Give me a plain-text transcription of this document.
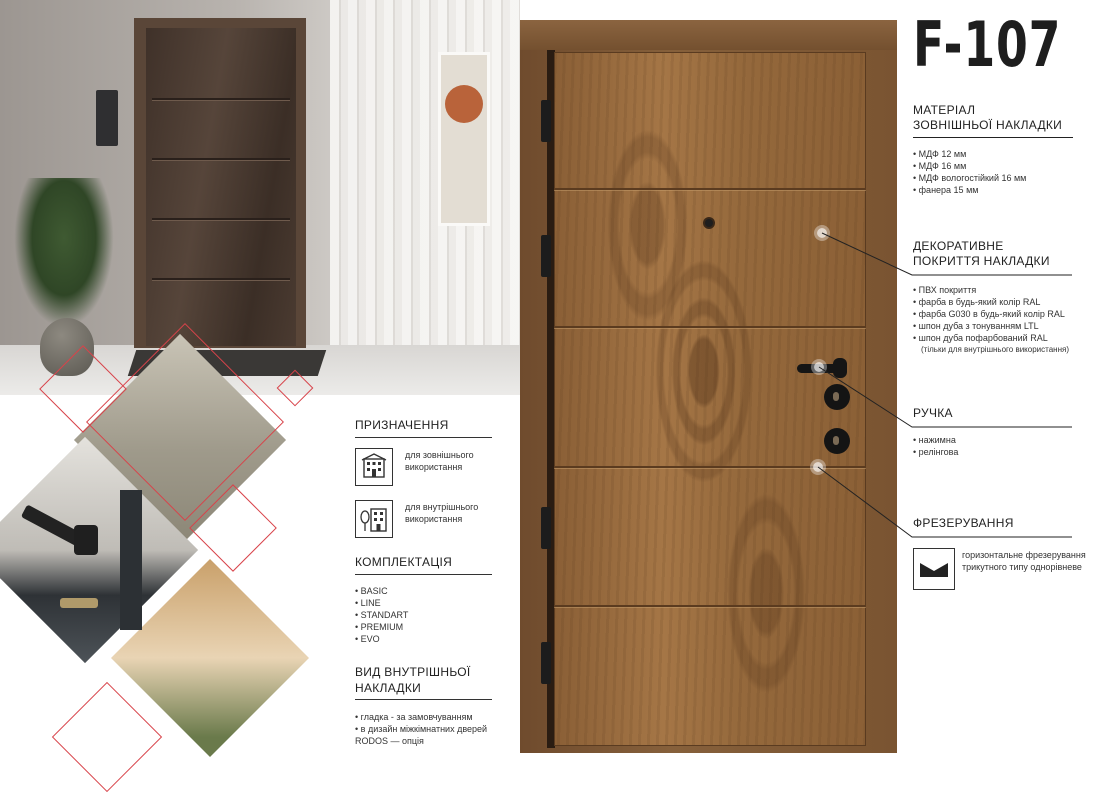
ПРИЗНАЧЕННЯ
для зовнішнього використання
для внутрішнього використання
КОМПЛЕКТАЦІЯ
• BASIC
• LINE
• STANDART
• PREMIUM
• EVO
ВИД ВНУТРІШНЬОЇ
НАКЛАДКИ
• гладка - за замовчуванням
• в дизайн міжкімнатних дверей RODOS — опція
F-107
МАТЕРІАЛ
ЗОВНІШНЬОЇ НАКЛАДКИ
• МДФ 12 мм
• МДФ 16 мм
• МДФ вологостійкий 16 мм
• фанера 15 мм
ДЕКОРАТИВНЕ
ПОКРИТТЯ НАКЛАДКИ
• ПВХ покриття
• фарба в будь-який колір RAL
• фарба G030 в будь-який колір RAL
• шпон дуба з тонуванням LTL
• шпон дуба пофарбований RAL
(тільки для внутрішнього використання)
РУЧКА
• нажимна
• релінгова
ФРЕЗЕРУВАННЯ
горизонтальне фрезерування трикутного типу однорівневе
